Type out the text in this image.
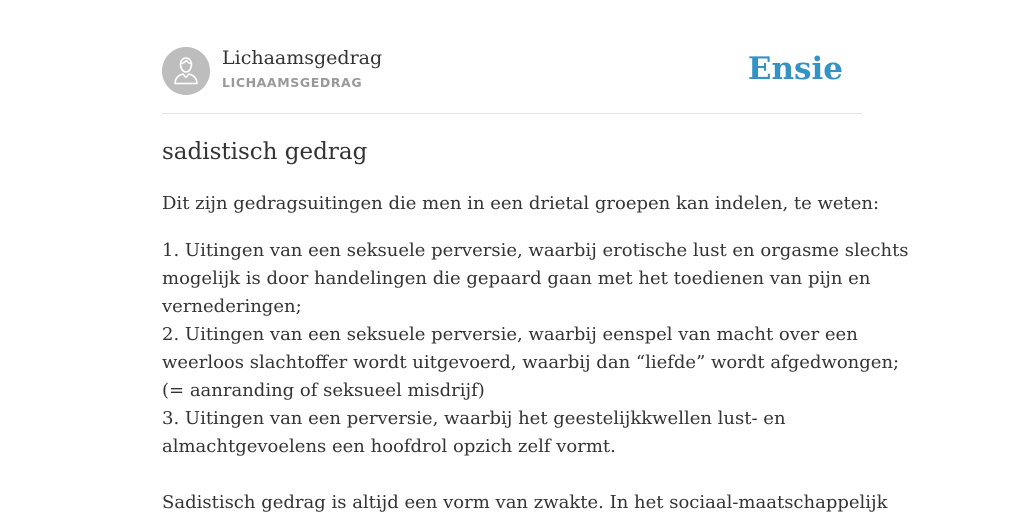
Lichaamsgedrag
LICHAAMSGEDRAG	Ensie
sadistisch gedrag

Dit zijn gedragsuitingen die men in een drietal groepen kan indelen, te weten:

1. Uitingen van een seksuele perversie, waarbij erotische lust en orgasme slechts
mogelijk is door handelingen die gepaard gaan met het toedienen van pijn en
vernederingen;
2. Uitingen van een seksuele perversie, waarbij eenspel van macht over een
weerloos slachtoffer wordt uitgevoerd, waarbij dan “liefde” wordt afgedwongen;
(= aanranding of seksueel misdrijf)
3. Uitingen van een perversie, waarbij het geestelijkkwellen lust- en
almachtgevoelens een hoofdrol opzich zelf vormt.

Sadistisch gedrag is altijd een vorm van zwakte. In het sociaal-maatschappelijk
